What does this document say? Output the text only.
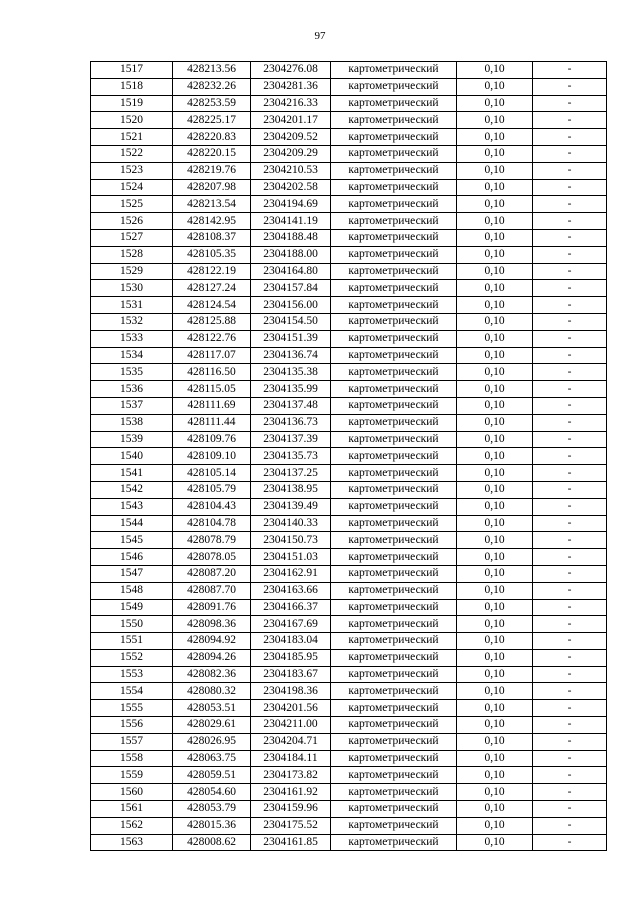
97
1517	428213.56	2304276.08	картометрический	0,10	-
1518	428232.26	2304281.36	картометрический	0,10	-
1519	428253.59	2304216.33	картометрический	0,10	-
1520	428225.17	2304201.17	картометрический	0,10	-
1521	428220.83	2304209.52	картометрический	0,10	-
1522	428220.15	2304209.29	картометрический	0,10	-
1523	428219.76	2304210.53	картометрический	0,10	-
1524	428207.98	2304202.58	картометрический	0,10	-
1525	428213.54	2304194.69	картометрический	0,10	-
1526	428142.95	2304141.19	картометрический	0,10	-
1527	428108.37	2304188.48	картометрический	0,10	-
1528	428105.35	2304188.00	картометрический	0,10	-
1529	428122.19	2304164.80	картометрический	0,10	-
1530	428127.24	2304157.84	картометрический	0,10	-
1531	428124.54	2304156.00	картометрический	0,10	-
1532	428125.88	2304154.50	картометрический	0,10	-
1533	428122.76	2304151.39	картометрический	0,10	-
1534	428117.07	2304136.74	картометрический	0,10	-
1535	428116.50	2304135.38	картометрический	0,10	-
1536	428115.05	2304135.99	картометрический	0,10	-
1537	428111.69	2304137.48	картометрический	0,10	-
1538	428111.44	2304136.73	картометрический	0,10	-
1539	428109.76	2304137.39	картометрический	0,10	-
1540	428109.10	2304135.73	картометрический	0,10	-
1541	428105.14	2304137.25	картометрический	0,10	-
1542	428105.79	2304138.95	картометрический	0,10	-
1543	428104.43	2304139.49	картометрический	0,10	-
1544	428104.78	2304140.33	картометрический	0,10	-
1545	428078.79	2304150.73	картометрический	0,10	-
1546	428078.05	2304151.03	картометрический	0,10	-
1547	428087.20	2304162.91	картометрический	0,10	-
1548	428087.70	2304163.66	картометрический	0,10	-
1549	428091.76	2304166.37	картометрический	0,10	-
1550	428098.36	2304167.69	картометрический	0,10	-
1551	428094.92	2304183.04	картометрический	0,10	-
1552	428094.26	2304185.95	картометрический	0,10	-
1553	428082.36	2304183.67	картометрический	0,10	-
1554	428080.32	2304198.36	картометрический	0,10	-
1555	428053.51	2304201.56	картометрический	0,10	-
1556	428029.61	2304211.00	картометрический	0,10	-
1557	428026.95	2304204.71	картометрический	0,10	-
1558	428063.75	2304184.11	картометрический	0,10	-
1559	428059.51	2304173.82	картометрический	0,10	-
1560	428054.60	2304161.92	картометрический	0,10	-
1561	428053.79	2304159.96	картометрический	0,10	-
1562	428015.36	2304175.52	картометрический	0,10	-
1563	428008.62	2304161.85	картометрический	0,10	-
